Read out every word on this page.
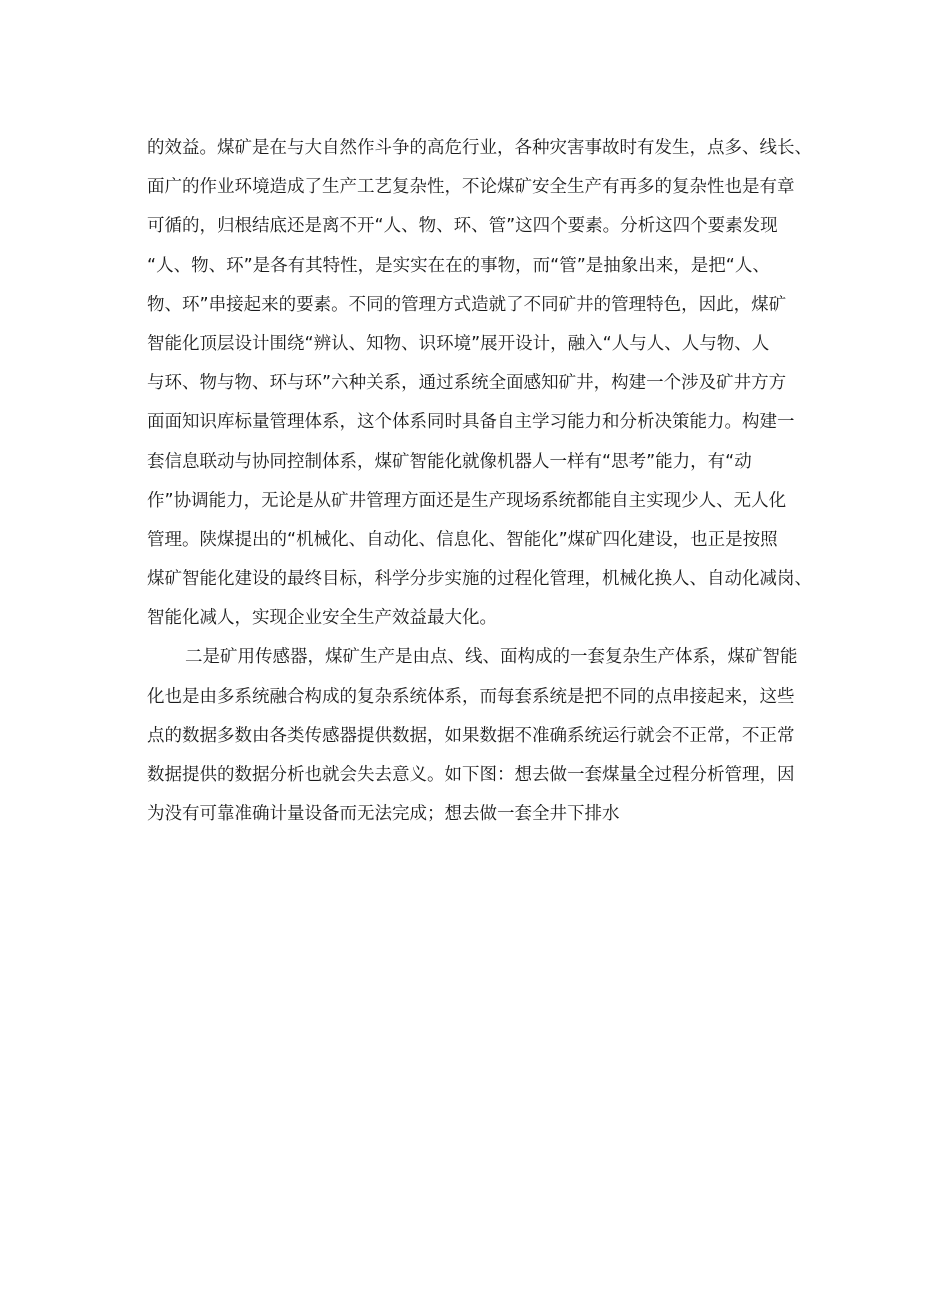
的效益。煤矿是在与大自然作斗争的高危行业，各种灾害事故时有发生，点多、线长、
面广的作业环境造成了生产工艺复杂性，不论煤矿安全生产有再多的复杂性也是有章
可循的，归根结底还是离不开“人、物、环、管”这四个要素。分析这四个要素发现
“人、物、环”是各有其特性，是实实在在的事物，而“管”是抽象出来，是把“人、
物、环”串接起来的要素。不同的管理方式造就了不同矿井的管理特色，因此，煤矿
智能化顶层设计围绕“辨认、知物、识环境”展开设计，融入“人与人、人与物、人
与环、物与物、环与环”六种关系，通过系统全面感知矿井，构建一个涉及矿井方方
面面知识库标量管理体系，这个体系同时具备自主学习能力和分析决策能力。构建一
套信息联动与协同控制体系，煤矿智能化就像机器人一样有“思考”能力，有“动
作”协调能力，无论是从矿井管理方面还是生产现场系统都能自主实现少人、无人化
管理。陕煤提出的“机械化、自动化、信息化、智能化”煤矿四化建设，也正是按照
煤矿智能化建设的最终目标，科学分步实施的过程化管理，机械化换人、自动化减岗、
智能化减人，实现企业安全生产效益最大化。
二是矿用传感器，煤矿生产是由点、线、面构成的一套复杂生产体系，煤矿智能
化也是由多系统融合构成的复杂系统体系，而每套系统是把不同的点串接起来，这些
点的数据多数由各类传感器提供数据，如果数据不准确系统运行就会不正常，不正常
数据提供的数据分析也就会失去意义。如下图：想去做一套煤量全过程分析管理，因
为没有可靠准确计量设备而无法完成；想去做一套全井下排水
